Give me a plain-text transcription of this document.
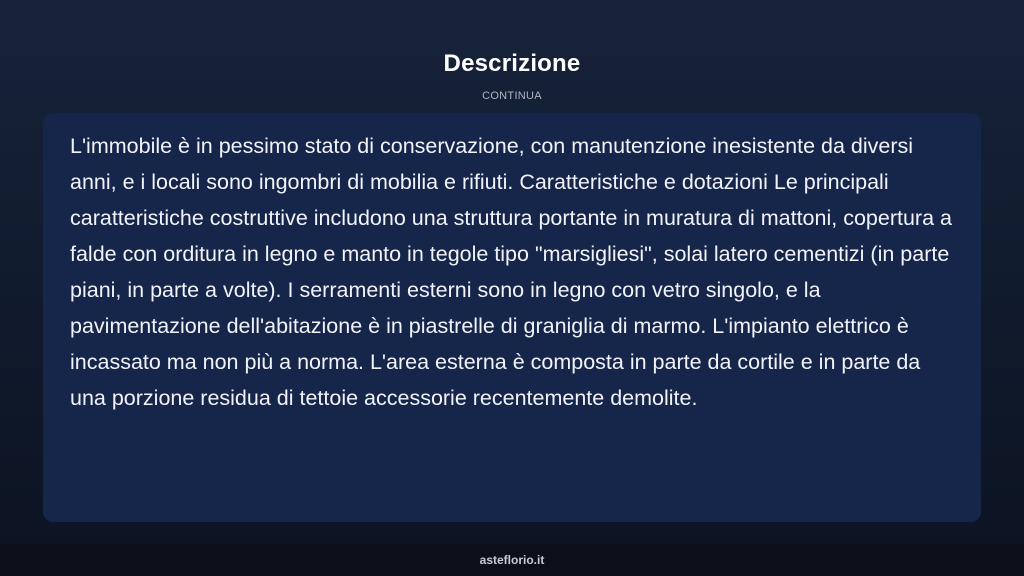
Descrizione
CONTINUA

L'immobile è in pessimo stato di conservazione, con manutenzione inesistente da diversi anni, e i locali sono ingombri di mobilia e rifiuti. Caratteristiche e dotazioni Le principali caratteristiche costruttive includono una struttura portante in muratura di mattoni, copertura a falde con orditura in legno e manto in tegole tipo "marsigliesi", solai latero cementizi (in parte piani, in parte a volte). I serramenti esterni sono in legno con vetro singolo, e la pavimentazione dell'abitazione è in piastrelle di graniglia di marmo. L'impianto elettrico è incassato ma non più a norma. L'area esterna è composta in parte da cortile e in parte da una porzione residua di tettoie accessorie recentemente demolite.

asteflorio.it
